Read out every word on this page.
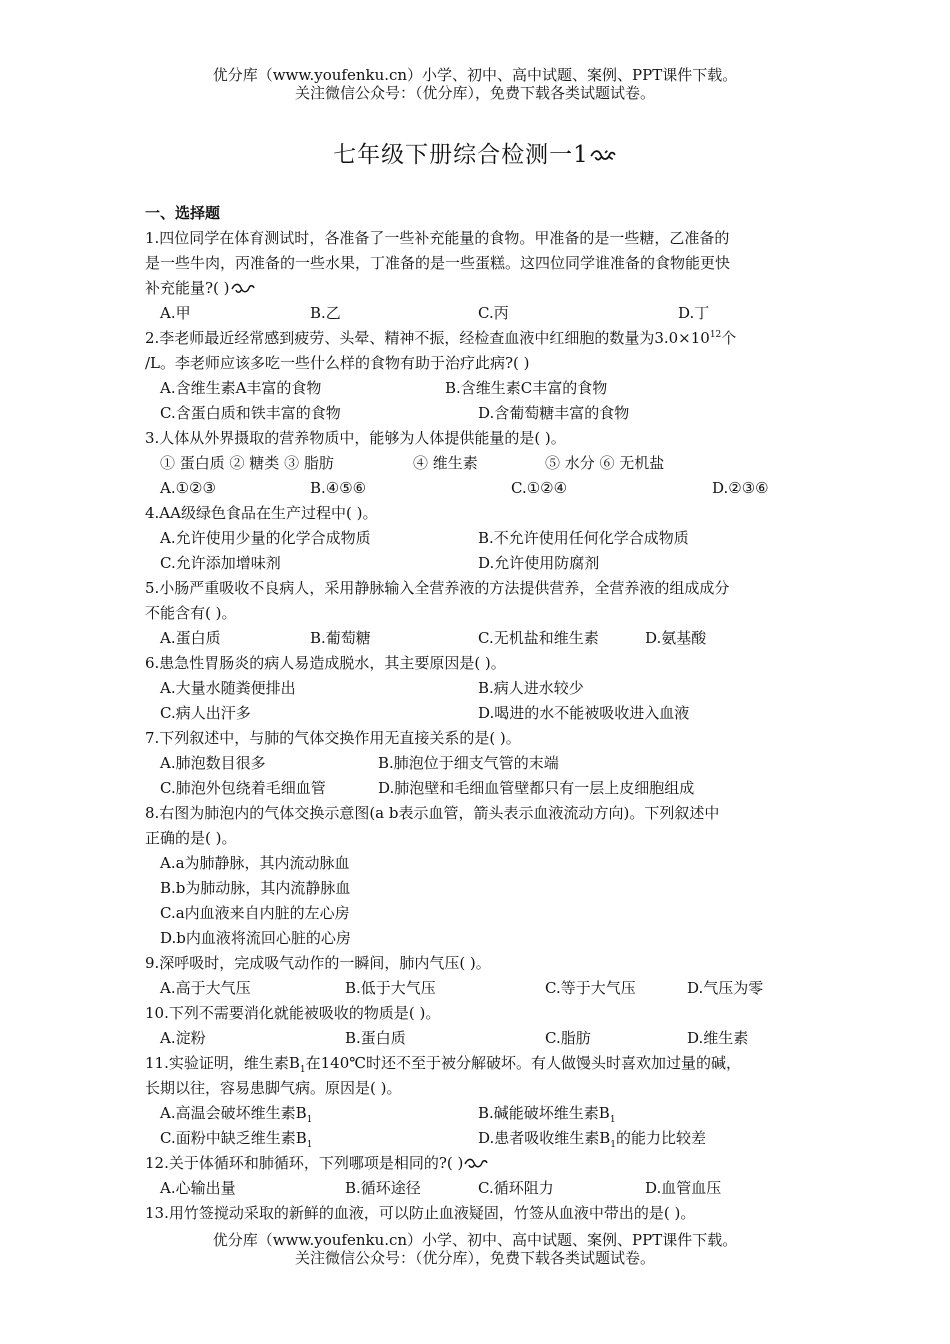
优分库（www.youfenku.cn）小学、初中、高中试题、案例、PPT课件下载。
关注微信公众号：（优分库），免费下载各类试题试卷。
七年级下册综合检测一1
一、选择题
1.四位同学在体育测试时，各准备了一些补充能量的食物。甲准备的是一些糖，乙准备的
是一些牛肉，丙准备的一些水果，丁准备的是一些蛋糕。这四位同学谁准备的食物能更快
补充能量?( )
A.甲	B.乙	C.丙	D.丁
2.李老师最近经常感到疲劳、头晕、精神不振，经检查血液中红细胞的数量为$3.0\times 10^{12}$个
/L。李老师应该多吃一些什么样的食物有助于治疗此病?( )
A.含维生素A丰富的食物	B.含维生素C丰富的食物
C.含蛋白质和铁丰富的食物	D.含葡萄糖丰富的食物
3.人体从外界摄取的营养物质中，能够为人体提供能量的是( )。
① 蛋白质 ② 糖类 ③ 脂肪	④ 维生素	⑤ 水分 ⑥ 无机盐
A.①②③	B.④⑤⑥	C.①②④	D.②③⑥
4.AA级绿色食品在生产过程中( )。
A.允许使用少量的化学合成物质	B.不允许使用任何化学合成物质
C.允许添加增味剂	D.允许使用防腐剂
5.小肠严重吸收不良病人，采用静脉输入全营养液的方法提供营养，全营养液的组成成分
不能含有( )。
A.蛋白质	B.葡萄糖	C.无机盐和维生素	D.氨基酸
6.患急性胃肠炎的病人易造成脱水，其主要原因是( )。
A.大量水随粪便排出	B.病人进水较少
C.病人出汗多	D.喝进的水不能被吸收进入血液
7.下列叙述中，与肺的气体交换作用无直接关系的是( )。
A.肺泡数目很多	B.肺泡位于细支气管的末端
C.肺泡外包绕着毛细血管	D.肺泡壁和毛细血管壁都只有一层上皮细胞组成
8.右图为肺泡内的气体交换示意图(a b表示血管，箭头表示血液流动方向)。下列叙述中
正确的是( )。
A.a为肺静脉，其内流动脉血
B.b为肺动脉，其内流静脉血
C.a内血液来自内脏的左心房
D.b内血液将流回心脏的心房
9.深呼吸时，完成吸气动作的一瞬间，肺内气压( )。
A.高于大气压	B.低于大气压	C.等于大气压	D.气压为零
10.下列不需要消化就能被吸收的物质是( )。
A.淀粉	B.蛋白质	C.脂肪	D.维生素
11.实验证明，维生素$B_1$在140℃时还不至于被分解破坏。有人做馒头时喜欢加过量的碱，
长期以往，容易患脚气病。原因是( )。
A.高温会破坏维生素$B_1$	B.碱能破坏维生素$B_1$
C.面粉中缺乏维生素$B_1$	D.患者吸收维生素$B_1$的能力比较差
12.关于体循环和肺循环，下列哪项是相同的?( )
A.心输出量	B.循环途径	C.循环阻力	D.血管血压
13.用竹签搅动采取的新鲜的血液，可以防止血液疑固，竹签从血液中带出的是( )。
优分库（www.youfenku.cn）小学、初中、高中试题、案例、PPT课件下载。
关注微信公众号：（优分库），免费下载各类试题试卷。
